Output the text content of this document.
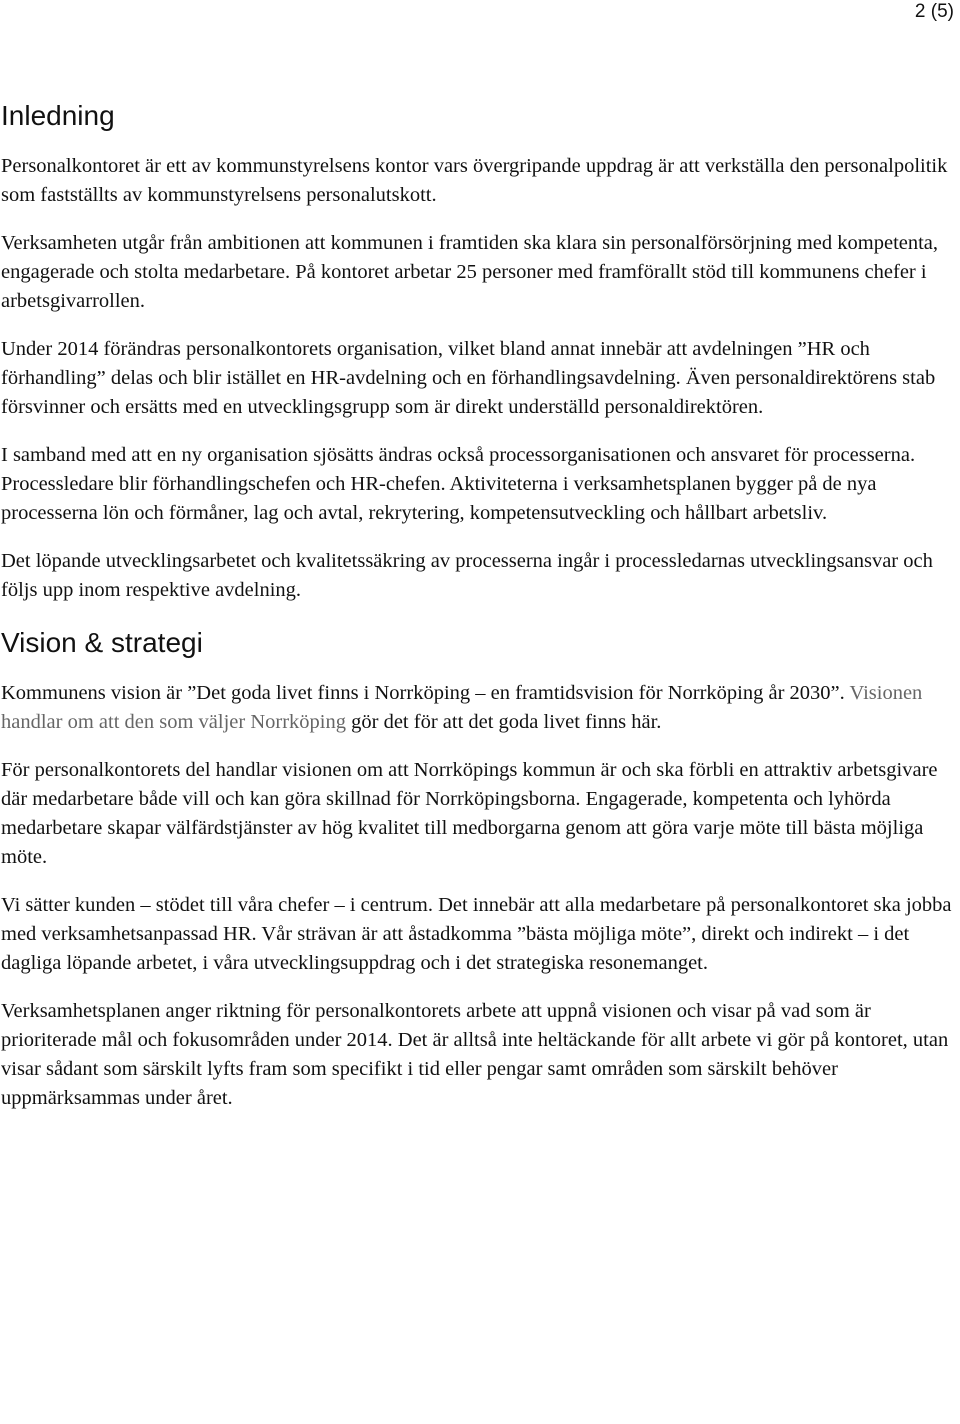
2 (5)
Inledning

Personalkontoret är ett av kommunstyrelsens kontor vars övergripande uppdrag är att verkställa den personalpolitik som fastställts av kommunstyrelsens personalutskott.

Verksamheten utgår från ambitionen att kommunen i framtiden ska klara sin personalförsörjning med kompetenta, engagerade och stolta medarbetare. På kontoret arbetar 25 personer med framförallt stöd till kommunens chefer i arbetsgivarrollen.

Under 2014 förändras personalkontorets organisation, vilket bland annat innebär att avdelningen ”HR och förhandling” delas och blir istället en HR-avdelning och en förhandlingsavdelning. Även personaldirektörens stab försvinner och ersätts med en utvecklingsgrupp som är direkt underställd personaldirektören.

I samband med att en ny organisation sjösätts ändras också processorganisationen och ansvaret för processerna. Processledare blir förhandlingschefen och HR-chefen. Aktiviteterna i verksamhetsplanen bygger på de nya processerna lön och förmåner, lag och avtal, rekrytering, kompetensutveckling och hållbart arbetsliv.

Det löpande utvecklingsarbetet och kvalitetssäkring av processerna ingår i processledarnas utvecklingsansvar och följs upp inom respektive avdelning.

Vision & strategi

Kommunens vision är ”Det goda livet finns i Norrköping – en framtidsvision för Norrköping år 2030”. Visionen handlar om att den som väljer Norrköping gör det för att det goda livet finns här.

För personalkontorets del handlar visionen om att Norrköpings kommun är och ska förbli en attraktiv arbetsgivare där medarbetare både vill och kan göra skillnad för Norrköpingsborna. Engagerade, kompetenta och lyhörda medarbetare skapar välfärdstjänster av hög kvalitet till medborgarna genom att göra varje möte till bästa möjliga möte.

Vi sätter kunden – stödet till våra chefer – i centrum. Det innebär att alla medarbetare på personalkontoret ska jobba med verksamhetsanpassad HR. Vår strävan är att åstadkomma ”bästa möjliga möte”, direkt och indirekt – i det dagliga löpande arbetet, i våra utvecklingsuppdrag och i det strategiska resonemanget.

Verksamhetsplanen anger riktning för personalkontorets arbete att uppnå visionen och visar på vad som är prioriterade mål och fokusområden under 2014. Det är alltså inte heltäckande för allt arbete vi gör på kontoret, utan visar sådant som särskilt lyfts fram som specifikt i tid eller pengar samt områden som särskilt behöver uppmärksammas under året.
